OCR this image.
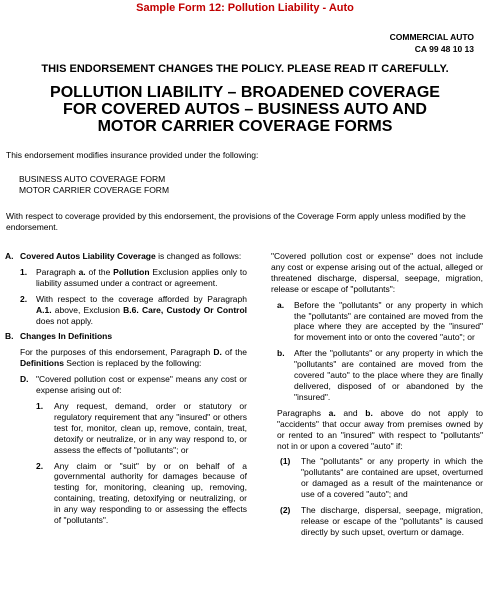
Sample Form 12: Pollution Liability - Auto
COMMERCIAL AUTO
CA 99 48 10 13
THIS ENDORSEMENT CHANGES THE POLICY. PLEASE READ IT CAREFULLY.
POLLUTION LIABILITY – BROADENED COVERAGE
FOR COVERED AUTOS – BUSINESS AUTO AND
MOTOR CARRIER COVERAGE FORMS
This endorsement modifies insurance provided under the following:
BUSINESS AUTO COVERAGE FORM
MOTOR CARRIER COVERAGE FORM
With respect to coverage provided by this endorsement, the provisions of the Coverage Form apply unless modified by the endorsement.
A. Covered Autos Liability Coverage is changed as follows:
1.	Paragraph a. of the Pollution Exclusion applies only to liability assumed under a contract or agreement.
2.	With respect to the coverage afforded by Paragraph A.1. above, Exclusion B.6. Care, Custody Or Control does not apply.
B. Changes In Definitions
For the purposes of this endorsement, Paragraph D. of the Definitions Section is replaced by the following:
D. "Covered pollution cost or expense" means any cost or expense arising out of:
1.	Any request, demand, order or statutory or regulatory requirement that any "insured" or others test for, monitor, clean up, remove, contain, treat, detoxify or neutralize, or in any way respond to, or assess the effects of "pollutants"; or
2.	Any claim or "suit" by or on behalf of a governmental authority for damages because of testing for, monitoring, cleaning up, removing, containing, treating, detoxifying or neutralizing, or in any way responding to or assessing the effects of "pollutants".
"Covered pollution cost or expense" does not include any cost or expense arising out of the actual, alleged or threatened discharge, dispersal, seepage, migration, release or escape of "pollutants":
a.	Before the "pollutants" or any property in which the "pollutants" are contained are moved from the place where they are accepted by the "insured" for movement into or onto the covered "auto"; or
b.	After the "pollutants" or any property in which the "pollutants" are contained are moved from the covered "auto" to the place where they are finally delivered, disposed of or abandoned by the "insured".
Paragraphs a. and b. above do not apply to "accidents" that occur away from premises owned by or rented to an "insured" with respect to "pollutants" not in or upon a covered "auto" if:
(1)	The "pollutants" or any property in which the "pollutants" are contained are upset, overturned or damaged as a result of the maintenance or use of a covered "auto"; and
(2)	The discharge, dispersal, seepage, migration, release or escape of the "pollutants" is caused directly by such upset, overturn or damage.
